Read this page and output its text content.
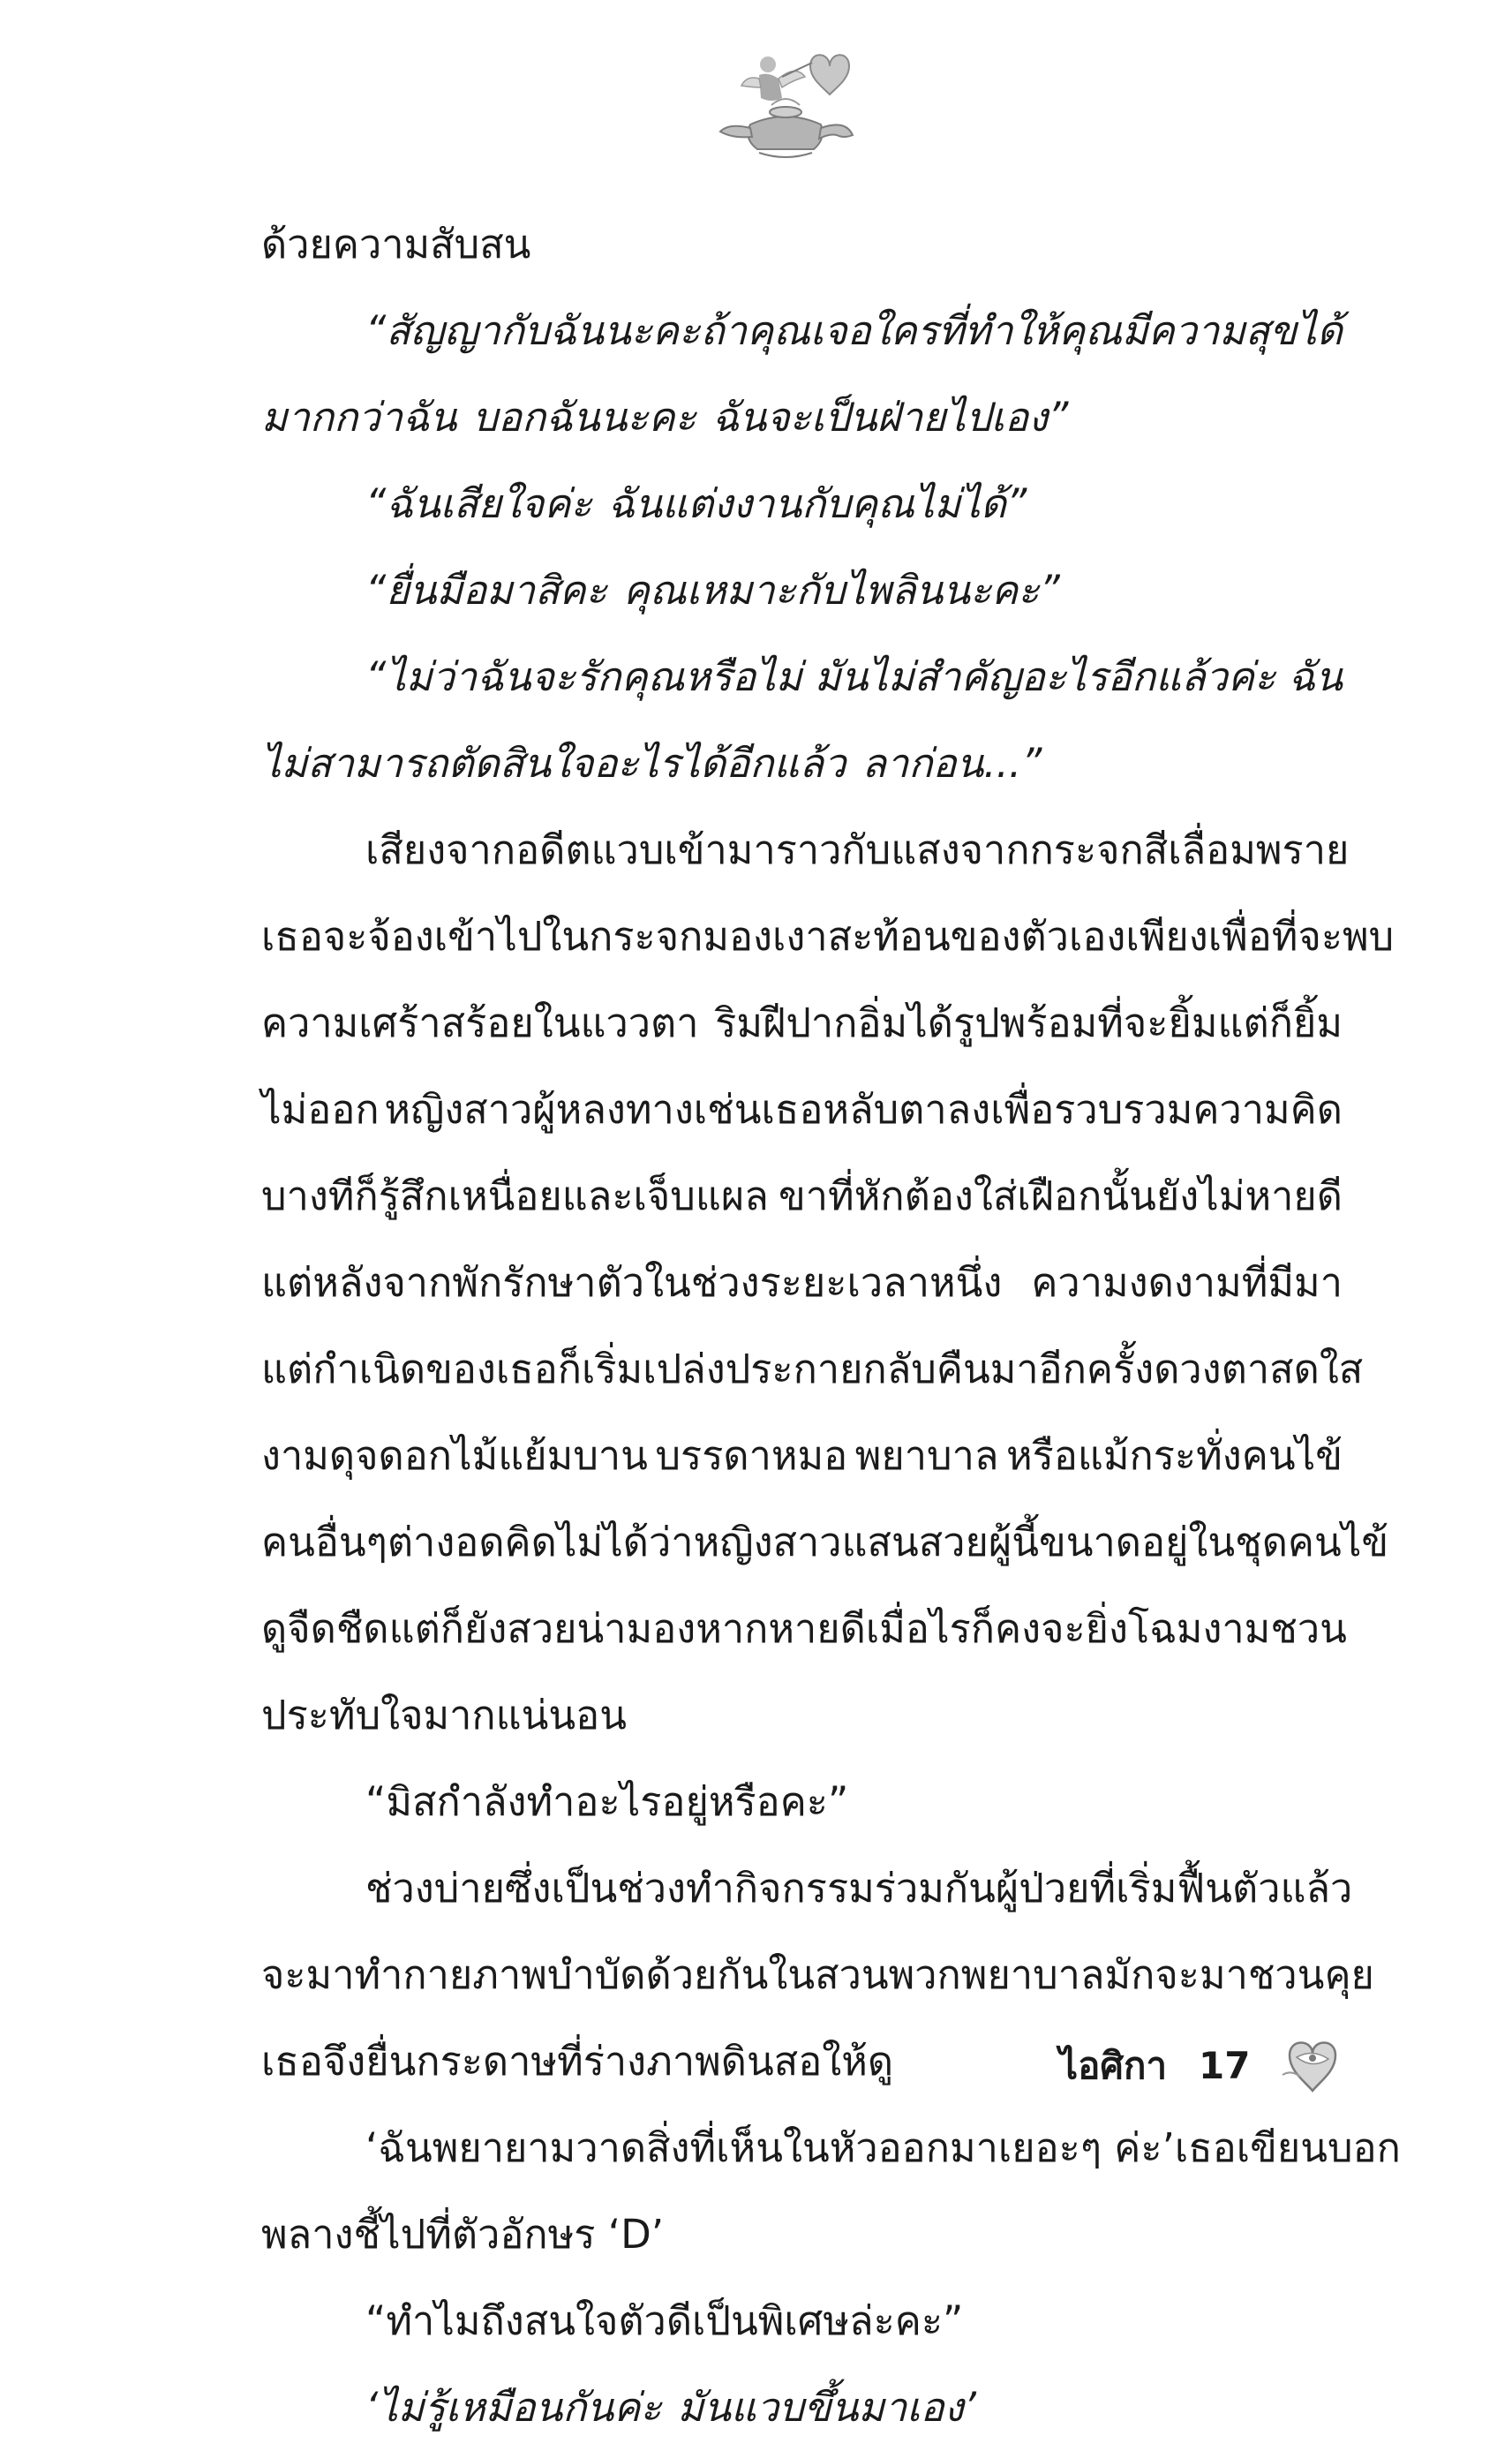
ด้วยความสับสน
“สัญญากับฉันนะคะ ถ้าคุณเจอใครที่ทำให้คุณมีความสุขได้
มากกว่าฉัน บอกฉันนะคะ ฉันจะเป็นฝ่ายไปเอง”
“ฉันเสียใจค่ะ ฉันแต่งงานกับคุณไม่ได้”
“ยื่นมือมาสิคะ คุณเหมาะกับไพลินนะคะ”
“ไม่ว่าฉันจะรักคุณหรือไม่ มันไม่สำคัญอะไรอีกแล้วค่ะ ฉัน
ไม่สามารถตัดสินใจอะไรได้อีกแล้ว ลาก่อน...”
เสียงจากอดีตแวบเข้ามาราวกับแสงจากกระจกสีเลื่อมพราย
เธอจะจ้องเข้าไปในกระจก มองเงาสะท้อนของตัวเองเพียงเพื่อที่จะพบ
ความเศร้าสร้อยในแววตา ริมฝีปากอิ่มได้รูปพร้อมที่จะยิ้มแต่ก็ยิ้ม
ไม่ออก หญิงสาวผู้หลงทางเช่นเธอหลับตาลงเพื่อรวบรวมความคิด
บางทีก็รู้สึกเหนื่อยและเจ็บแผล ขาที่หักต้องใส่เฝือกนั้นยังไม่หายดี
แต่หลังจากพักรักษาตัวในช่วงระยะเวลาหนึ่ง ความงดงามที่มีมา
แต่กำเนิดของเธอก็เริ่มเปล่งประกายกลับคืนมาอีกครั้ง ดวงตาสดใส
งามดุจดอกไม้แย้มบาน บรรดาหมอ พยาบาล หรือแม้กระทั่งคนไข้
คนอื่นๆ ต่างอดคิดไม่ได้ว่า หญิงสาวแสนสวยผู้นี้ขนาดอยู่ในชุดคนไข้
ดูจืดชืดแต่ก็ยังสวยน่ามอง หากหายดีเมื่อไรก็คงจะยิ่งโฉมงามชวน
ประทับใจมากแน่นอน
“มิสกำลังทำอะไรอยู่หรือคะ”
ช่วงบ่ายซึ่งเป็นช่วงทำกิจกรรมร่วมกัน ผู้ป่วยที่เริ่มฟื้นตัวแล้ว
จะมาทำกายภาพบำบัดด้วยกันในสวน พวกพยาบาลมักจะมาชวนคุย
เธอจึงยื่นกระดาษที่ร่างภาพดินสอให้ดู
‘ฉันพยายามวาดสิ่งที่เห็นในหัวออกมาเยอะๆ ค่ะ’ เธอเขียนบอก
พลางชี้ไปที่ตัวอักษร ‘D’
“ทำไมถึงสนใจตัวดีเป็นพิเศษล่ะคะ”
‘ไม่รู้เหมือนกันค่ะ มันแวบขึ้นมาเอง’
ไอศิกา 17
